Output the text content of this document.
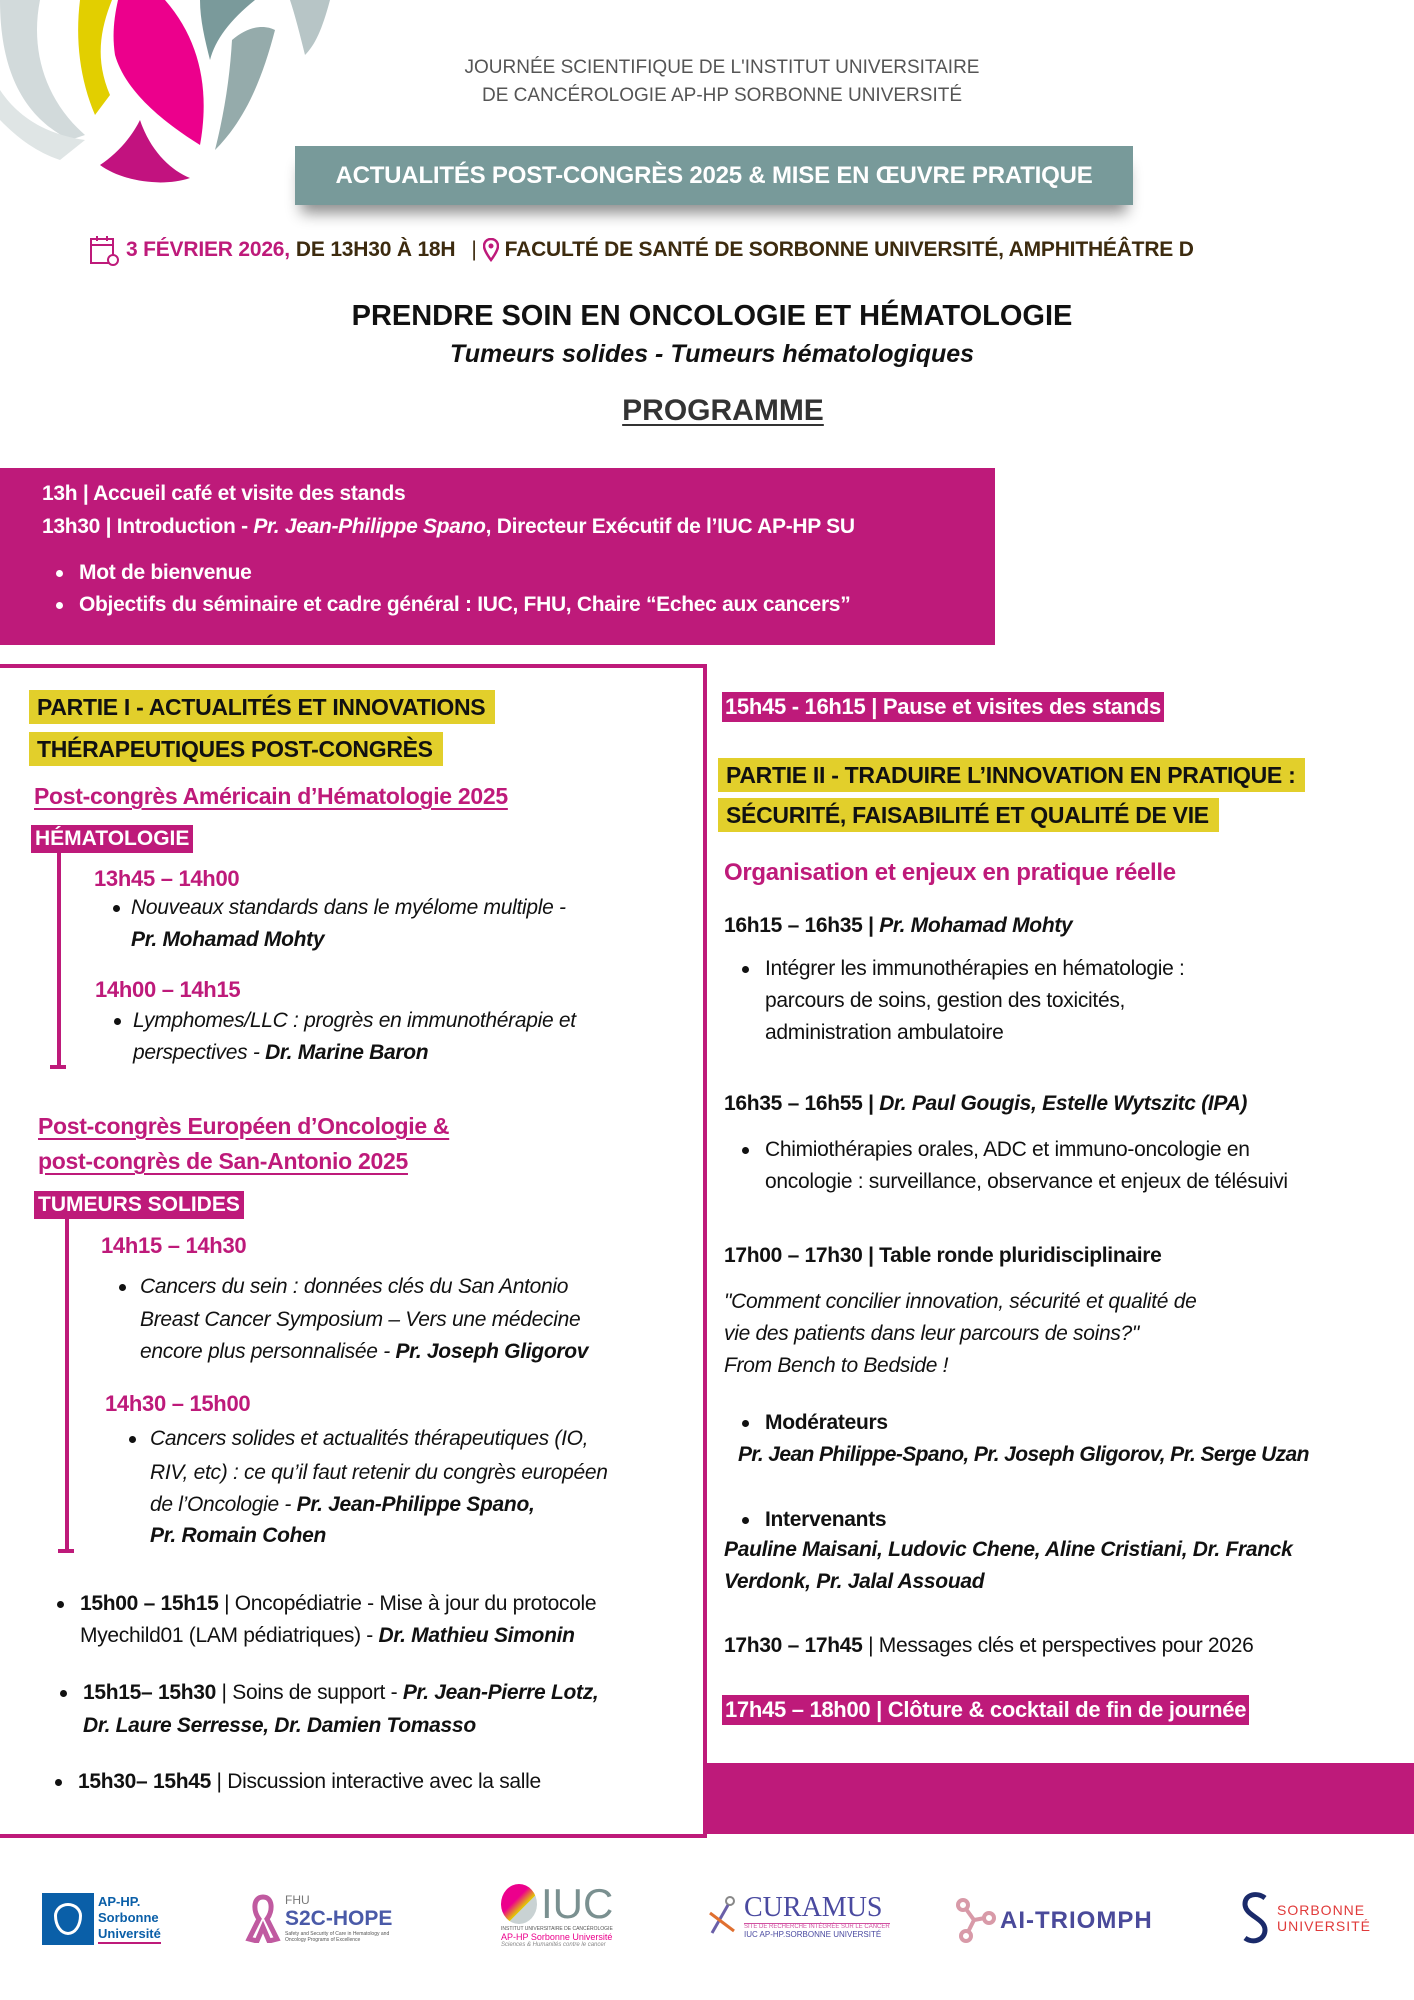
JOURNÉE SCIENTIFIQUE DE L'INSTITUT UNIVERSITAIRE
DE CANCÉROLOGIE AP-HP SORBONNE UNIVERSITÉ
ACTUALITÉS POST-CONGRÈS 2025 & MISE EN ŒUVRE PRATIQUE
3 FÉVRIER 2026, DE 13H30 À 18H | FACULTÉ DE SANTÉ DE SORBONNE UNIVERSITÉ, AMPHITHÉÂTRE D
PRENDRE SOIN EN ONCOLOGIE ET HÉMATOLOGIE
Tumeurs solides - Tumeurs hématologiques
PROGRAMME
13h | Accueil café et visite des stands
13h30 | Introduction - Pr. Jean-Philippe Spano, Directeur Exécutif de l’IUC AP-HP SU
Mot de bienvenue
Objectifs du séminaire et cadre général : IUC, FHU, Chaire “Echec aux cancers”
PARTIE I - ACTUALITÉS ET INNOVATIONS
THÉRAPEUTIQUES POST-CONGRÈS
Post-congrès Américain d’Hématologie 2025
HÉMATOLOGIE
13h45 – 14h00
Nouveaux standards dans le myélome multiple -
Pr. Mohamad Mohty
14h00 – 14h15
Lymphomes/LLC : progrès en immunothérapie et
perspectives - Dr. Marine Baron
Post-congrès Européen d’Oncologie &
post-congrès de San-Antonio 2025
TUMEURS SOLIDES
14h15 – 14h30
Cancers du sein : données clés du San Antonio
Breast Cancer Symposium – Vers une médecine
encore plus personnalisée - Pr. Joseph Gligorov
14h30 – 15h00
Cancers solides et actualités thérapeutiques (IO,
RIV, etc) : ce qu’il faut retenir du congrès européen
de l’Oncologie - Pr. Jean-Philippe Spano,
Pr. Romain Cohen
15h00 – 15h15 | Oncopédiatrie - Mise à jour du protocole
Myechild01 (LAM pédiatriques) - Dr. Mathieu Simonin
15h15– 15h30 | Soins de support - Pr. Jean-Pierre Lotz,
Dr. Laure Serresse, Dr. Damien Tomasso
15h30– 15h45 | Discussion interactive avec la salle
15h45 - 16h15 | Pause et visites des stands
PARTIE II - TRADUIRE L’INNOVATION EN PRATIQUE :
SÉCURITÉ, FAISABILITÉ ET QUALITÉ DE VIE
Organisation et enjeux en pratique réelle
16h15 – 16h35 | Pr. Mohamad Mohty
Intégrer les immunothérapies en hématologie :
parcours de soins, gestion des toxicités,
administration ambulatoire
16h35 – 16h55 | Dr. Paul Gougis, Estelle Wytszitc (IPA)
Chimiothérapies orales, ADC et immuno-oncologie en
oncologie : surveillance, observance et enjeux de télésuivi
17h00 – 17h30 | Table ronde pluridisciplinaire
"Comment concilier innovation, sécurité et qualité de
vie des patients dans leur parcours de soins?"
From Bench to Bedside !
Modérateurs
Pr. Jean Philippe-Spano, Pr. Joseph Gligorov, Pr. Serge Uzan
Intervenants
Pauline Maisani, Ludovic Chene, Aline Cristiani, Dr. Franck
Verdonk, Pr. Jalal Assouad
17h30 – 17h45 | Messages clés et perspectives pour 2026
17h45 – 18h00 | Clôture & cocktail de fin de journée
AP-HP.
Sorbonne
Université
FHU
S2C-HOPE
Safety and Security of Care in Hematology and Oncology Programs of Excellence
IUC
INSTITUT UNIVERSITAIRE DE CANCÉROLOGIE
AP-HP Sorbonne Université
Sciences & Humanités contre le cancer
CURAMUS
SITE DE RECHERCHE INTÉGRÉE SUR LE CANCER
IUC AP-HP.SORBONNE UNIVERSITÉ
AI-TRIOMPH	SORBONNE
UNIVERSITÉ
